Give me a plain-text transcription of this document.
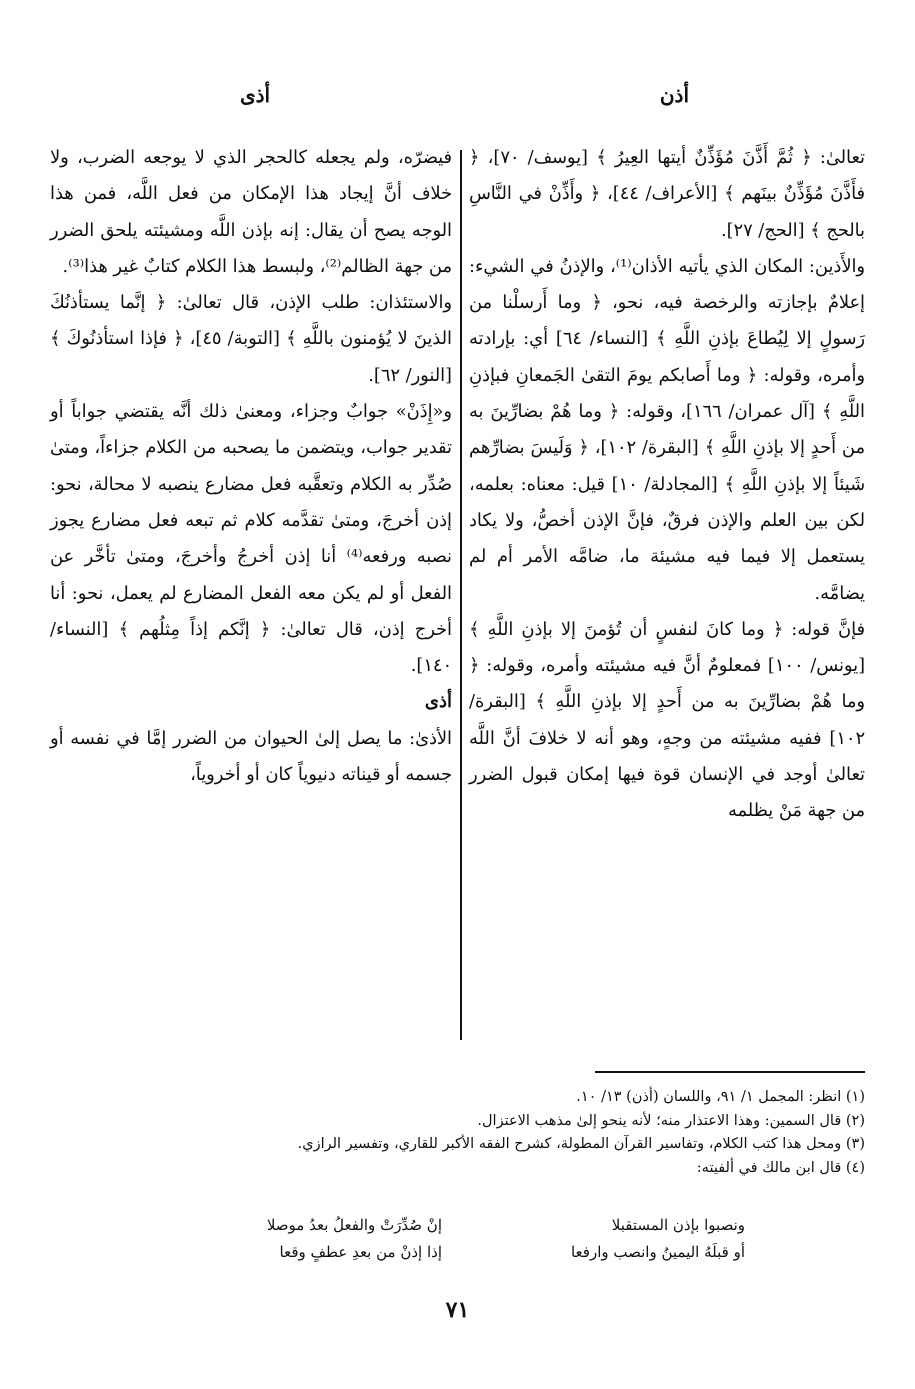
أذن
أذى

تعالىٰ: ﴿ ثُمَّ أَذَّنَ مُؤَذِّنٌ أيتها العِيرُ ﴾ [يوسف/ ٧٠]، ﴿ فأَذَّنَ مُؤَذِّنٌ بينَهم ﴾ [الأعراف/ ٤٤]، ﴿ وأَذِّنْ في النَّاسِ بالحج ﴾ [الحج/ ٢٧].

والأَذين: المكان الذي يأتيه الأذان⁽¹⁾، والإذنُ في الشيء: إعلامٌ بإجازته والرخصة فيه، نحو، ﴿ وما أَرسلْنا من رَسولٍ إلا لِيُطاعَ بإذنِ اللَّهِ ﴾ [النساء/ ٦٤] أي: بإرادته وأمره، وقوله: ﴿ وما أَصابكم يومَ التقىٰ الجَمعانِ فبإذنِ اللَّهِ ﴾ [آل عمران/ ١٦٦]، وقوله: ﴿ وما هُمْ بضارِّينَ به من أَحدٍ إلا بإذنِ اللَّهِ ﴾ [البقرة/ ١٠٢]، ﴿ وَلَيسَ بضارِّهم شَيئاً إلا بإذنِ اللَّهِ ﴾ [المجادلة/ ١٠] قيل: معناه: بعلمه، لكن بين العلم والإذن فرقٌ، فإنَّ الإذن أخصُّ، ولا يكاد يستعمل إلا فيما فيه مشيئة ما، ضامَّه الأمر أم لم يضامَّه.

فإنَّ قوله: ﴿ وما كانَ لنفسٍ أن تُؤمنَ إلا بإذنِ اللَّهِ ﴾ [يونس/ ١٠٠] فمعلومٌ أنَّ فيه مشيئته وأمره، وقوله: ﴿ وما هُمْ بضارِّينَ به من أَحدٍ إلا بإذنِ اللَّهِ ﴾ [البقرة/ ١٠٢] ففيه مشيئته من وجهٍ، وهو أنه لا خلافَ أنَّ اللَّه تعالىٰ أوجد في الإنسان قوة فيها إمكان قبول الضرر من جهة مَنْ يظلمه

فيضرّه، ولم يجعله كالحجر الذي لا يوجعه الضرب، ولا خلاف أنَّ إيجاد هذا الإمكان من فعل اللَّه، فمن هذا الوجه يصح أن يقال: إنه بإذن اللَّه ومشيئته يلحق الضرر من جهة الظالم⁽²⁾، ولبسط هذا الكلام كتابٌ غير هذا⁽³⁾.

والاستئذان: طلب الإذن، قال تعالىٰ: ﴿ إنَّما يستأذنُكَ الذينَ لا يُؤمنون باللَّهِ ﴾ [التوبة/ ٤٥]، ﴿ فإذا استأذنُوكَ ﴾ [النور/ ٦٢].

و«إِذَنْ» جوابٌ وجزاء، ومعنىٰ ذلك أنَّه يقتضي جواباً أو تقدير جواب، ويتضمن ما يصحبه من الكلام جزاءاً، ومتىٰ صُدِّر به الكلام وتعقَّبه فعل مضارع ينصبه لا محالة، نحو: إذن أخرجَ، ومتىٰ تقدَّمه كلام ثم تبعه فعل مضارع يجوز نصبه ورفعه⁽⁴⁾ أنا إذن أخرجُ وأخرجَ، ومتىٰ تأخَّر عن الفعل أو لم يكن معه الفعل المضارع لم يعمل، نحو: أنا أخرج إذن، قال تعالىٰ: ﴿ إنَّكم إذاً مِثلُهم ﴾ [النساء/ ١٤٠].

أذى

الأذىٰ: ما يصل إلىٰ الحيوان من الضرر إمَّا في نفسه أو جسمه أو قيناته دنيوياً كان أو أخروياً،

(١) انظر: المجمل ١/ ٩١، واللسان (أذن) ١٣/ ١٠.

(٢) قال السمين: وهذا الاعتذار منه؛ لأنه ينحو إلىٰ مذهب الاعتزال.

(٣) ومحل هذا كتب الكلام، وتفاسير القرآن المطولة، كشرح الفقه الأكبر للقاري، وتفسير الرازي.

(٤) قال ابن مالك في ألفيته:

ونصبوا بإذن المستقبلا

أو قبلَهُ اليمينُ وانصب وارفعا

إنْ صُدِّرَتْ والفعلُ بعدُ موصلا

إذا إذنْ من بعدِ عطفٍ وقعا

٧١
